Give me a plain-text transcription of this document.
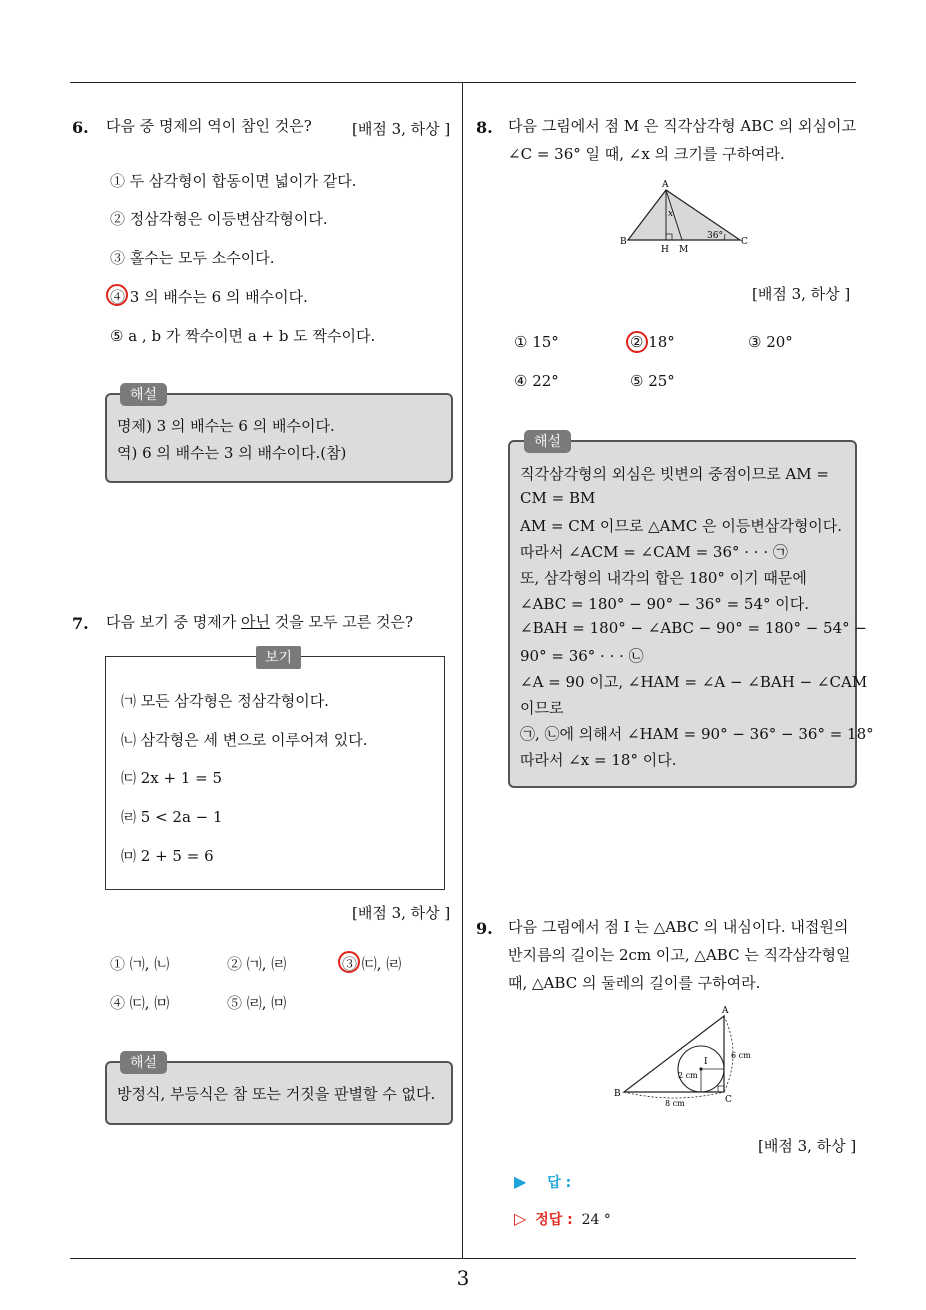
3
6. 다음 중 명제의 역이 참인 것은?	[배점 3, 하상 ]
① 두 삼각형이 합동이면 넓이가 같다.
② 정삼각형은 이등변삼각형이다.
③ 홀수는 모두 소수이다.
④ 3 의 배수는 6 의 배수이다.
⑤ a , b 가 짝수이면 a + b 도 짝수이다.
해설
명제) 3 의 배수는 6 의 배수이다.
역) 6 의 배수는 3 의 배수이다.(참)
7. 다음 보기 중 명제가 아닌 것을 모두 고른 것은?
보기
㈀ 모든 삼각형은 정삼각형이다.
㈁ 삼각형은 세 변으로 이루어져 있다.
㈂ 2x + 1 = 5
㈃ 5 < 2a − 1
㈄ 2 + 5 = 6
[배점 3, 하상 ]
① ㈀, ㈁	② ㈀, ㈃	③ ㈂, ㈃
④ ㈂, ㈄	⑤ ㈃, ㈄
해설
방정식, 부등식은 참 또는 거짓을 판별할 수 없다.
8. 다음 그림에서 점 M 은 직각삼각형 ABC 의 외심이고
∠C = 36° 일 때, ∠x 의 크기를 구하여라.
A
B	C
H M
x
36°
[배점 3, 하상 ]
① 15°	② 18°	③ 20°
④ 22°	⑤ 25°
해설
직각삼각형의 외심은 빗변의 중점이므로 AM =
CM = BM
AM = CM 이므로 △AMC 은 이등변삼각형이다.
따라서 ∠ACM = ∠CAM = 36° · · · ㉠
또, 삼각형의 내각의 합은 180° 이기 때문에
∠ABC = 180° − 90° − 36° = 54° 이다.
∠BAH = 180° − ∠ABC − 90° = 180° − 54° −
90° = 36° · · · ㉡
∠A = 90 이고, ∠HAM = ∠A − ∠BAH − ∠CAM
이므로
㉠, ㉡에 의해서 ∠HAM = 90° − 36° − 36° = 18°
따라서 ∠x = 18° 이다.
9. 다음 그림에서 점 I 는 △ABC 의 내심이다. 내접원의
반지름의 길이는 2cm 이고, △ABC 는 직각삼각형일
때, △ABC 의 둘레의 길이를 구하여라.
A
B
C
I
2 cm
6 cm
8 cm
[배점 3, 하상 ]
▶ 답 :
▷ 정답 : 24 °
